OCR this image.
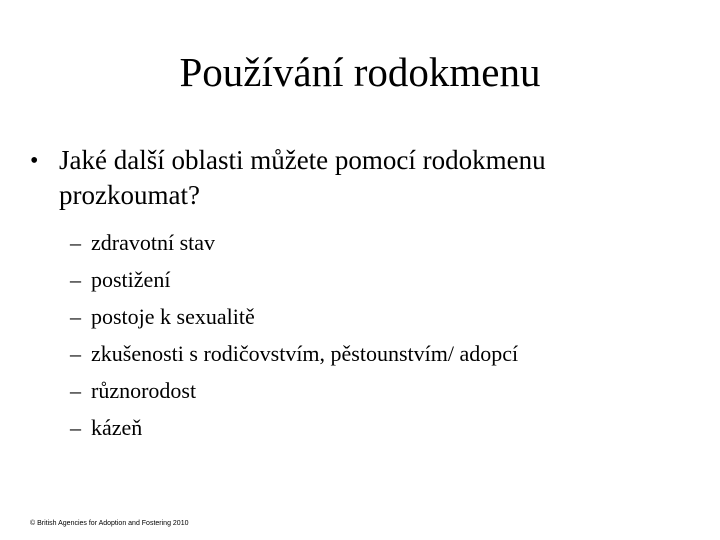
Používání rodokmenu
• Jaké další oblasti můžete pomocí rodokmenu prozkoumat?
– zdravotní stav
– postižení
– postoje k sexualitě
– zkušenosti s rodičovstvím, pěstounstvím/ adopcí
– různorodost
– kázeň
© British Agencies for Adoption and Fostering 2010
